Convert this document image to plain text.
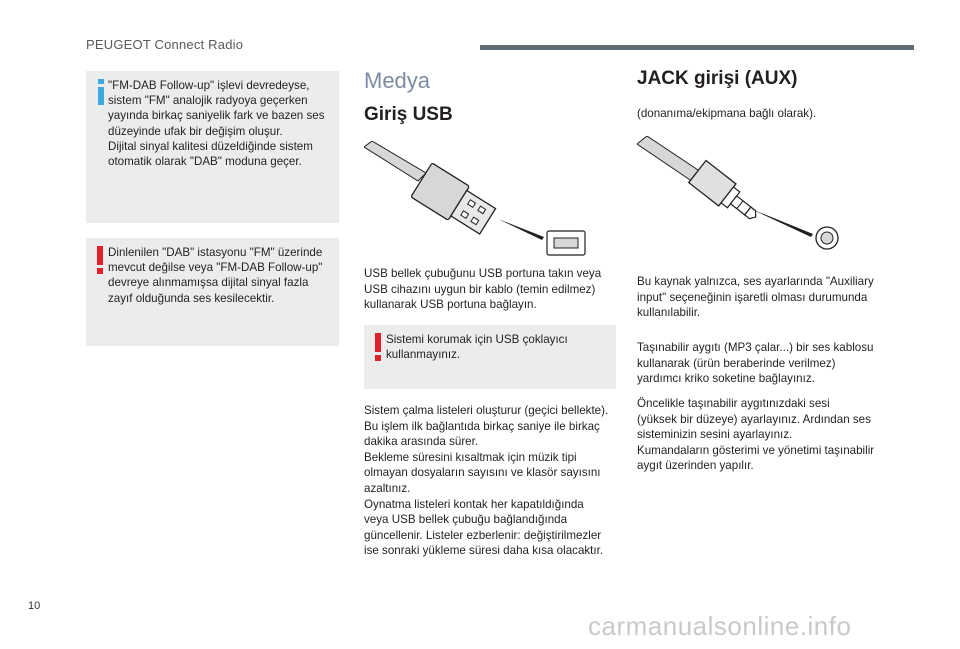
PEUGEOT Connect Radio

"FM-DAB Follow-up" işlevi devredeyse,

sistem "FM" analojik radyoya geçerken

yayında birkaç saniyelik fark ve bazen ses

düzeyinde ufak bir değişim oluşur.

Dijital sinyal kalitesi düzeldiğinde sistem

otomatik olarak "DAB" moduna geçer.

Dinlenilen "DAB" istasyonu "FM" üzerinde

mevcut değilse veya "FM-DAB Follow-up"

devreye alınmamışsa dijital sinyal fazla

zayıf olduğunda ses kesilecektir.

Medya
Giriş USB

USB bellek çubuğunu USB portuna takın veya

USB cihazını uygun bir kablo (temin edilmez)

kullanarak USB portuna bağlayın.

Sistemi korumak için USB çoklayıcı

kullanmayınız.

Sistem çalma listeleri oluşturur (geçici bellekte).

Bu işlem ilk bağlantıda birkaç saniye ile birkaç

dakika arasında sürer.

Bekleme süresini kısaltmak için müzik tipi

olmayan dosyaların sayısını ve klasör sayısını

azaltınız.

Oynatma listeleri kontak her kapatıldığında

veya USB bellek çubuğu bağlandığında

güncellenir. Listeler ezberlenir: değiştirilmezler

ise sonraki yükleme süresi daha kısa olacaktır.

JACK girişi (AUX)
(donanıma/ekipmana bağlı olarak).

Bu kaynak yalnızca, ses ayarlarında "Auxiliary

input" seçeneğinin işaretli olması durumunda

kullanılabilir.

Taşınabilir aygıtı (MP3 çalar...) bir ses kablosu

kullanarak (ürün beraberinde verilmez)

yardımcı kriko soketine bağlayınız.

Öncelikle taşınabilir aygıtınızdaki sesi

(yüksek bir düzeye) ayarlayınız. Ardından ses

sisteminizin sesini ayarlayınız.

Kumandaların gösterimi ve yönetimi taşınabilir

aygıt üzerinden yapılır.

10
carmanualsonline.info
